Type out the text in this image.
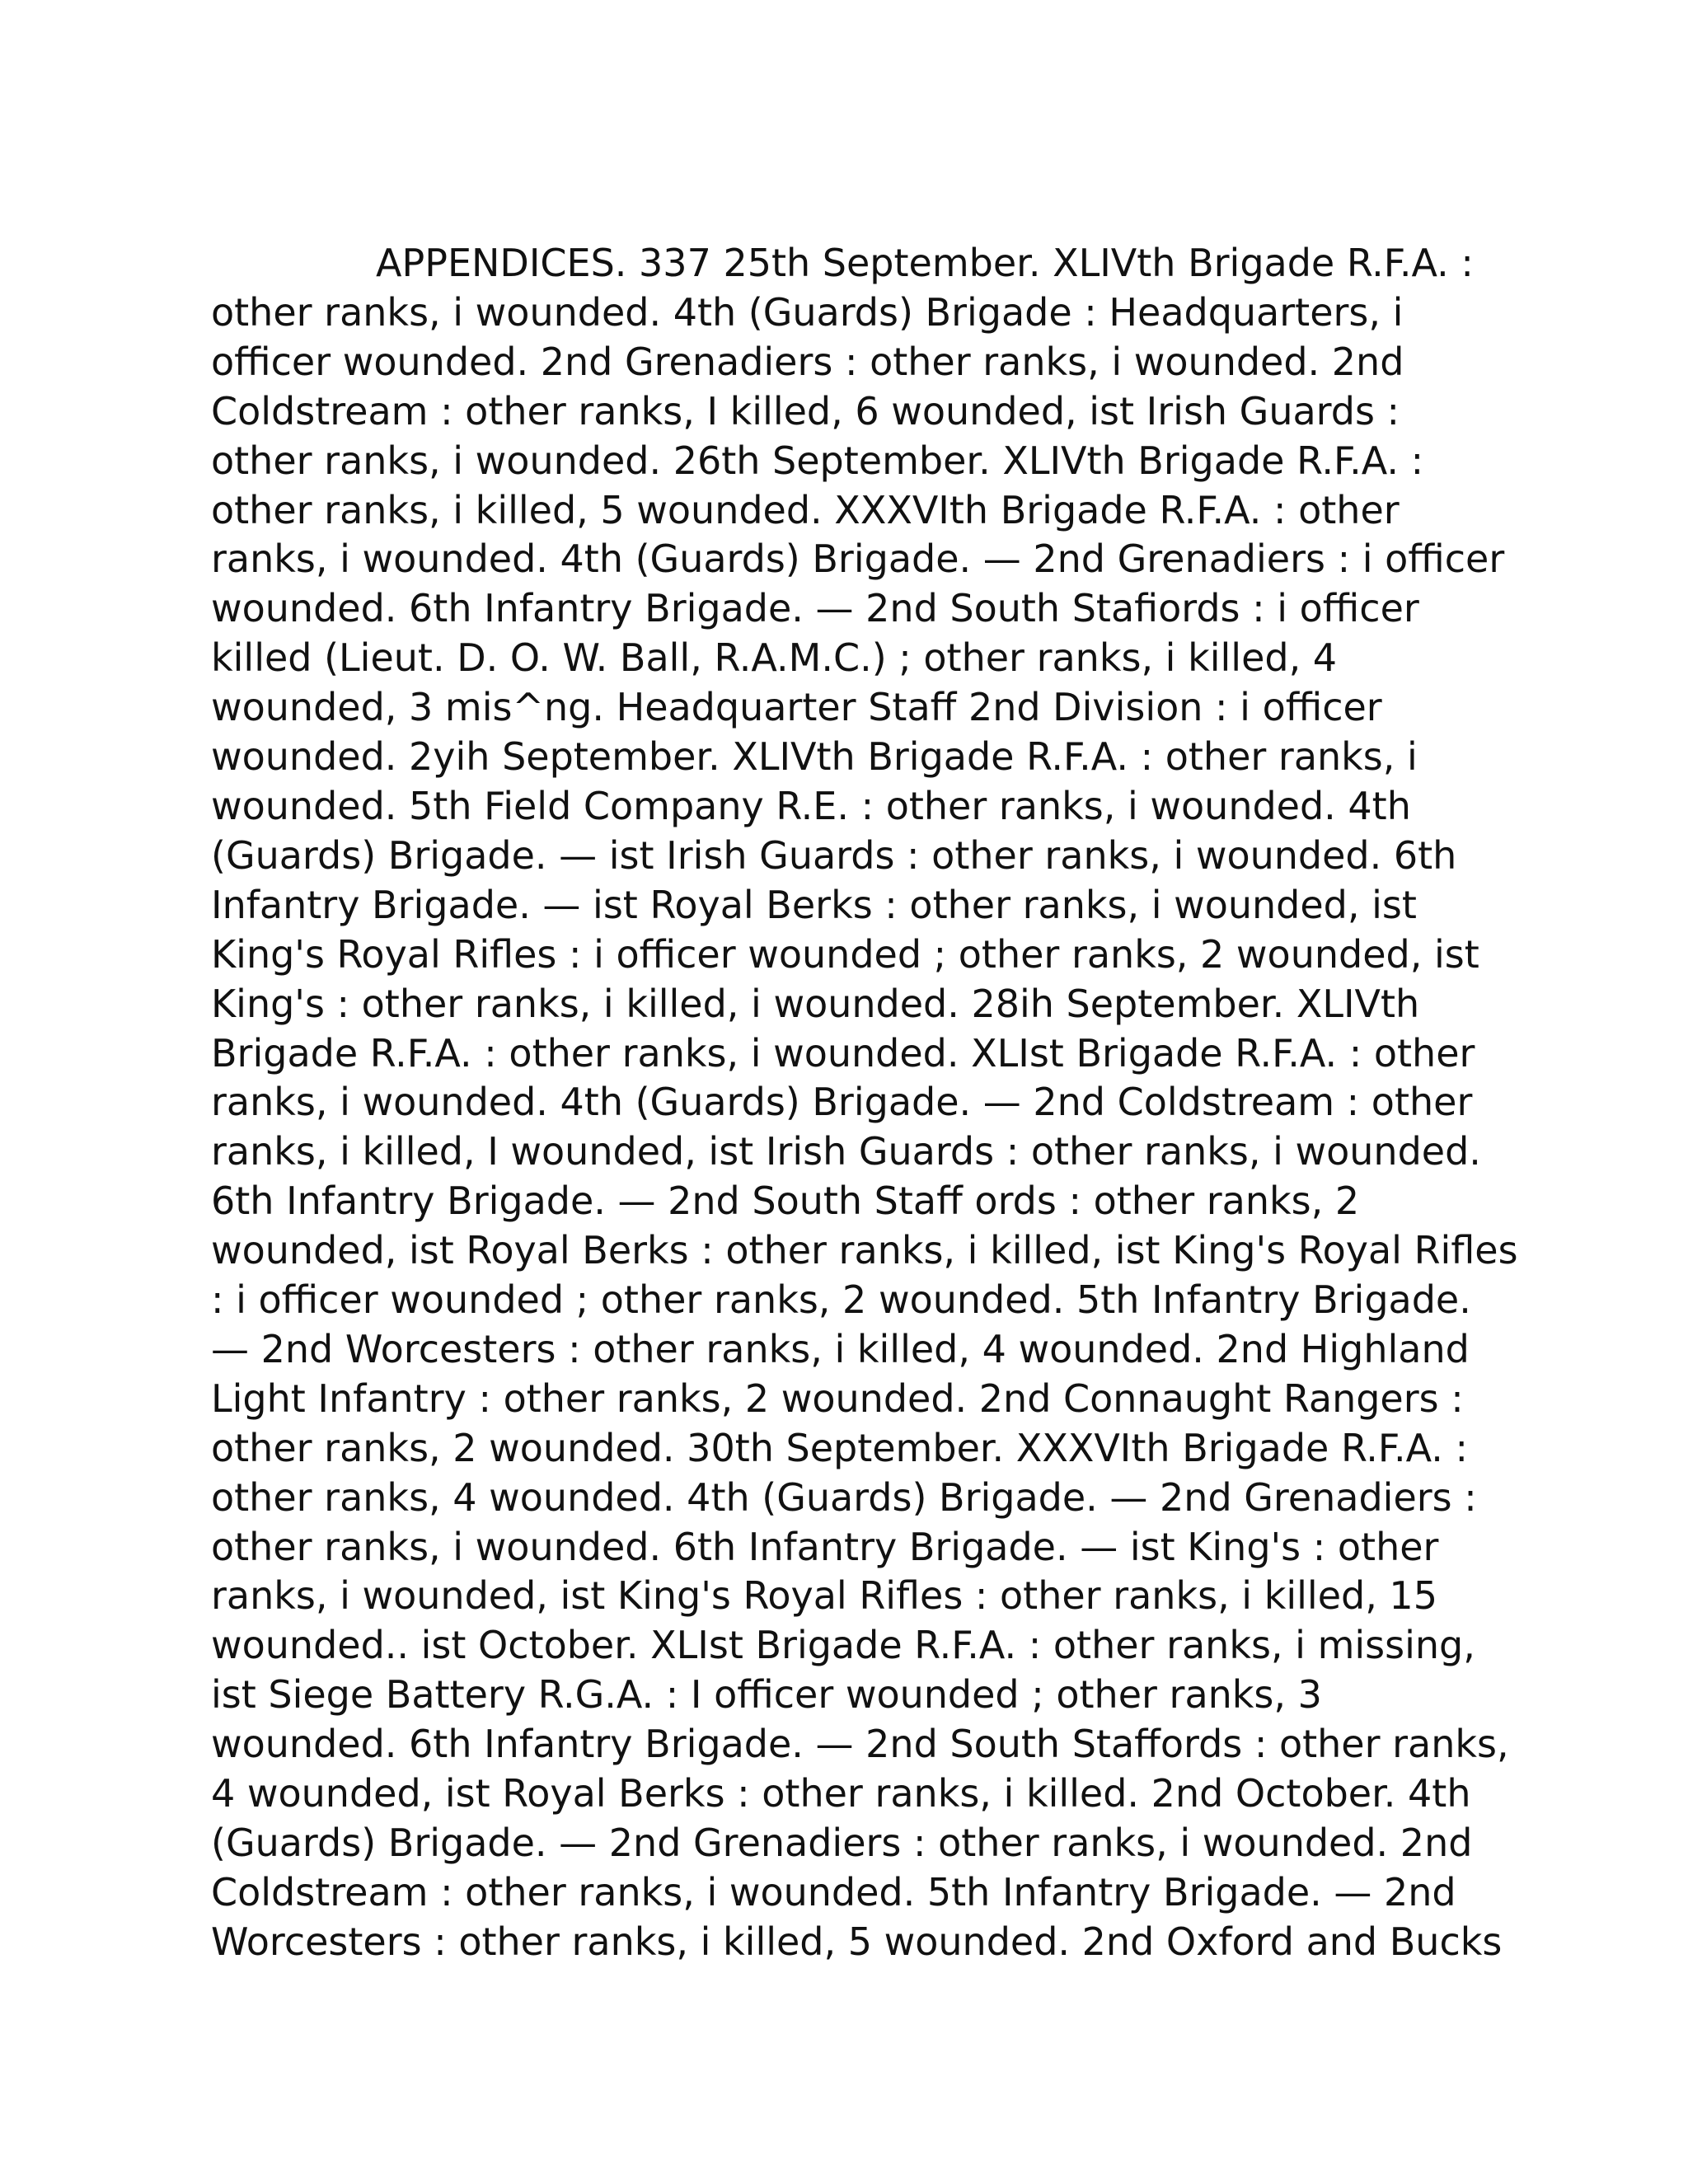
APPENDICES. 337 25th September. XLIVth Brigade R.F.A. :
other ranks, i wounded. 4th (Guards) Brigade : Headquarters, i
officer wounded. 2nd Grenadiers : other ranks, i wounded. 2nd
Coldstream : other ranks, I killed, 6 wounded, ist Irish Guards :
other ranks, i wounded. 26th September. XLIVth Brigade R.F.A. :
other ranks, i killed, 5 wounded. XXXVIth Brigade R.F.A. : other
ranks, i wounded. 4th (Guards) Brigade. — 2nd Grenadiers : i officer
wounded. 6th Infantry Brigade. — 2nd South Stafiords : i officer
killed (Lieut. D. O. W. Ball, R.A.M.C.) ; other ranks, i killed, 4
wounded, 3 mis^ng. Headquarter Staff 2nd Division : i officer
wounded. 2yih September. XLIVth Brigade R.F.A. : other ranks, i
wounded. 5th Field Company R.E. : other ranks, i wounded. 4th
(Guards) Brigade. — ist Irish Guards : other ranks, i wounded. 6th
Infantry Brigade. — ist Royal Berks : other ranks, i wounded, ist
King's Royal Rifles : i officer wounded ; other ranks, 2 wounded, ist
King's : other ranks, i killed, i wounded. 28ih September. XLIVth
Brigade R.F.A. : other ranks, i wounded. XLIst Brigade R.F.A. : other
ranks, i wounded. 4th (Guards) Brigade. — 2nd Coldstream : other
ranks, i killed, I wounded, ist Irish Guards : other ranks, i wounded.
6th Infantry Brigade. — 2nd South Staff ords : other ranks, 2
wounded, ist Royal Berks : other ranks, i killed, ist King's Royal Rifles
: i officer wounded ; other ranks, 2 wounded. 5th Infantry Brigade.
— 2nd Worcesters : other ranks, i killed, 4 wounded. 2nd Highland
Light Infantry : other ranks, 2 wounded. 2nd Connaught Rangers :
other ranks, 2 wounded. 30th September. XXXVIth Brigade R.F.A. :
other ranks, 4 wounded. 4th (Guards) Brigade. — 2nd Grenadiers :
other ranks, i wounded. 6th Infantry Brigade. — ist King's : other
ranks, i wounded, ist King's Royal Rifles : other ranks, i killed, 15
wounded.. ist October. XLIst Brigade R.F.A. : other ranks, i missing,
ist Siege Battery R.G.A. : I officer wounded ; other ranks, 3
wounded. 6th Infantry Brigade. — 2nd South Staffords : other ranks,
4 wounded, ist Royal Berks : other ranks, i killed. 2nd October. 4th
(Guards) Brigade. — 2nd Grenadiers : other ranks, i wounded. 2nd
Coldstream : other ranks, i wounded. 5th Infantry Brigade. — 2nd
Worcesters : other ranks, i killed, 5 wounded. 2nd Oxford and Bucks
